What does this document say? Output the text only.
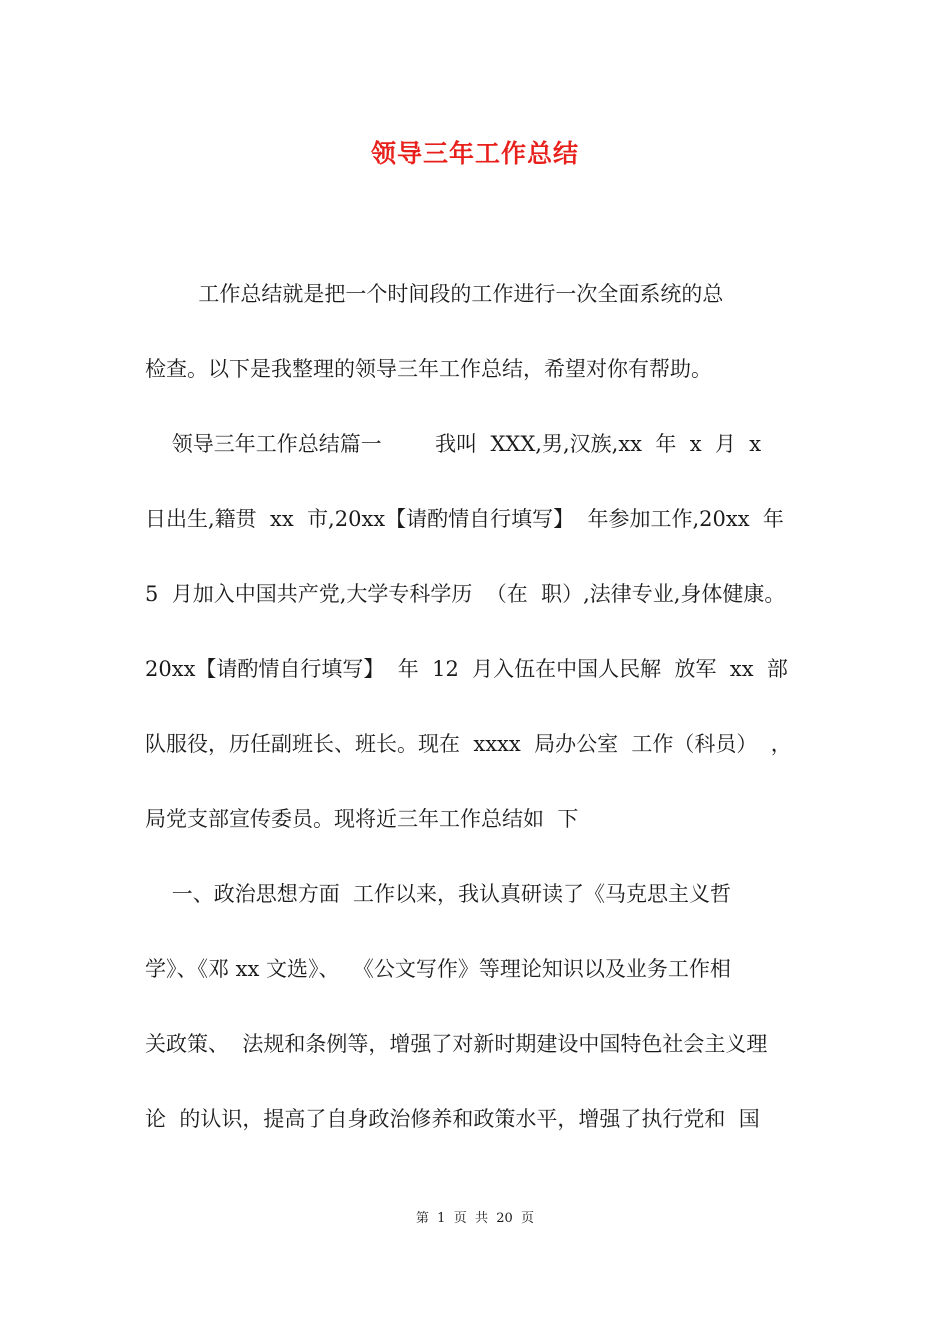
领导三年工作总结
工作总结就是把一个时间段的工作进行一次全面系统的总
检查。以下是我整理的领导三年工作总结，希望对你有帮助。
领导三年工作总结篇一        我叫  XXX,男,汉族,xx  年  x  月  x
日出生,籍贯  xx  市,20xx【请酌情自行填写】  年参加工作,20xx  年
5  月加入中国共产党,大学专科学历  （在  职）,法律专业,身体健康。
20xx【请酌情自行填写】  年  12  月入伍在中国人民解  放军  xx  部
队服役，历任副班长、班长。现在  xxxx  局办公室  工作（科员）  ，
局党支部宣传委员。现将近三年工作总结如  下
一、政治思想方面  工作以来，我认真研读了《马克思主义哲
学》、《邓 xx 文选》、  《公文写作》等理论知识以及业务工作相
关政策、  法规和条例等，增强了对新时期建设中国特色社会主义理
论  的认识，提高了自身政治修养和政策水平，增强了执行党和  国
第  1  页  共  20  页
